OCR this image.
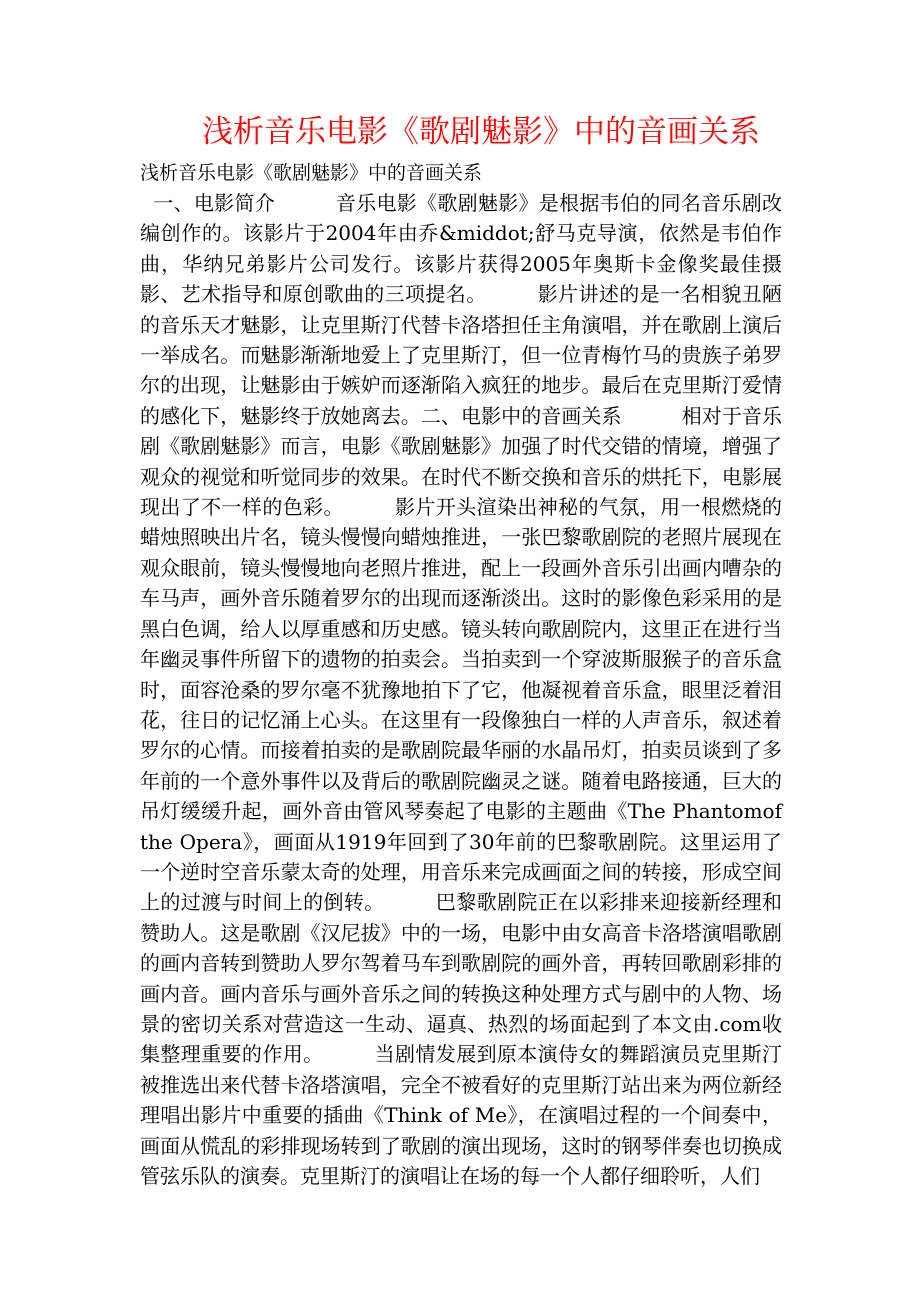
浅析音乐电影《歌剧魅影》中的音画关系

浅析音乐电影《歌剧魅影》中的音画关系

一、电影简介　　　音乐电影《歌剧魅影》是根据韦伯的同名音乐剧改编创作的。该影片于2004年由乔&middot;舒马克导演，依然是韦伯作曲，华纳兄弟影片公司发行。该影片获得2005年奥斯卡金像奖最佳摄影、艺术指导和原创歌曲的三项提名。　　　影片讲述的是一名相貌丑陋的音乐天才魅影，让克里斯汀代替卡洛塔担任主角演唱，并在歌剧上演后一举成名。而魅影渐渐地爱上了克里斯汀，但一位青梅竹马的贵族子弟罗尔的出现，让魅影由于嫉妒而逐渐陷入疯狂的地步。最后在克里斯汀爱情的感化下，魅影终于放她离去。二、电影中的音画关系　　　相对于音乐剧《歌剧魅影》而言，电影《歌剧魅影》加强了时代交错的情境，增强了观众的视觉和听觉同步的效果。在时代不断交换和音乐的烘托下，电影展现出了不一样的色彩。　　　影片开头渲染出神秘的气氛，用一根燃烧的蜡烛照映出片名，镜头慢慢向蜡烛推进，一张巴黎歌剧院的老照片展现在观众眼前，镜头慢慢地向老照片推进，配上一段画外音乐引出画内嘈杂的车马声，画外音乐随着罗尔的出现而逐渐淡出。这时的影像色彩采用的是黑白色调，给人以厚重感和历史感。镜头转向歌剧院内，这里正在进行当年幽灵事件所留下的遗物的拍卖会。当拍卖到一个穿波斯服猴子的音乐盒时，面容沧桑的罗尔毫不犹豫地拍下了它，他凝视着音乐盒，眼里泛着泪花，往日的记忆涌上心头。在这里有一段像独白一样的人声音乐，叙述着罗尔的心情。而接着拍卖的是歌剧院最华丽的水晶吊灯，拍卖员谈到了多年前的一个意外事件以及背后的歌剧院幽灵之谜。随着电路接通，巨大的吊灯缓缓升起，画外音由管风琴奏起了电影的主题曲《The Phantomof the Opera》，画面从1919年回到了30年前的巴黎歌剧院。这里运用了一个逆时空音乐蒙太奇的处理，用音乐来完成画面之间的转接，形成空间上的过渡与时间上的倒转。　　　巴黎歌剧院正在以彩排来迎接新经理和赞助人。这是歌剧《汉尼拔》中的一场，电影中由女高音卡洛塔演唱歌剧的画内音转到赞助人罗尔驾着马车到歌剧院的画外音，再转回歌剧彩排的画内音。画内音乐与画外音乐之间的转换这种处理方式与剧中的人物、场景的密切关系对营造这一生动、逼真、热烈的场面起到了本文由.com收集整理重要的作用。　　　当剧情发展到原本演侍女的舞蹈演员克里斯汀被推选出来代替卡洛塔演唱，完全不被看好的克里斯汀站出来为两位新经理唱出影片中重要的插曲《Think of Me》，在演唱过程的一个间奏中，画面从慌乱的彩排现场转到了歌剧的演出现场，这时的钢琴伴奏也切换成管弦乐队的演奏。克里斯汀的演唱让在场的每一个人都仔细聆听，人们
